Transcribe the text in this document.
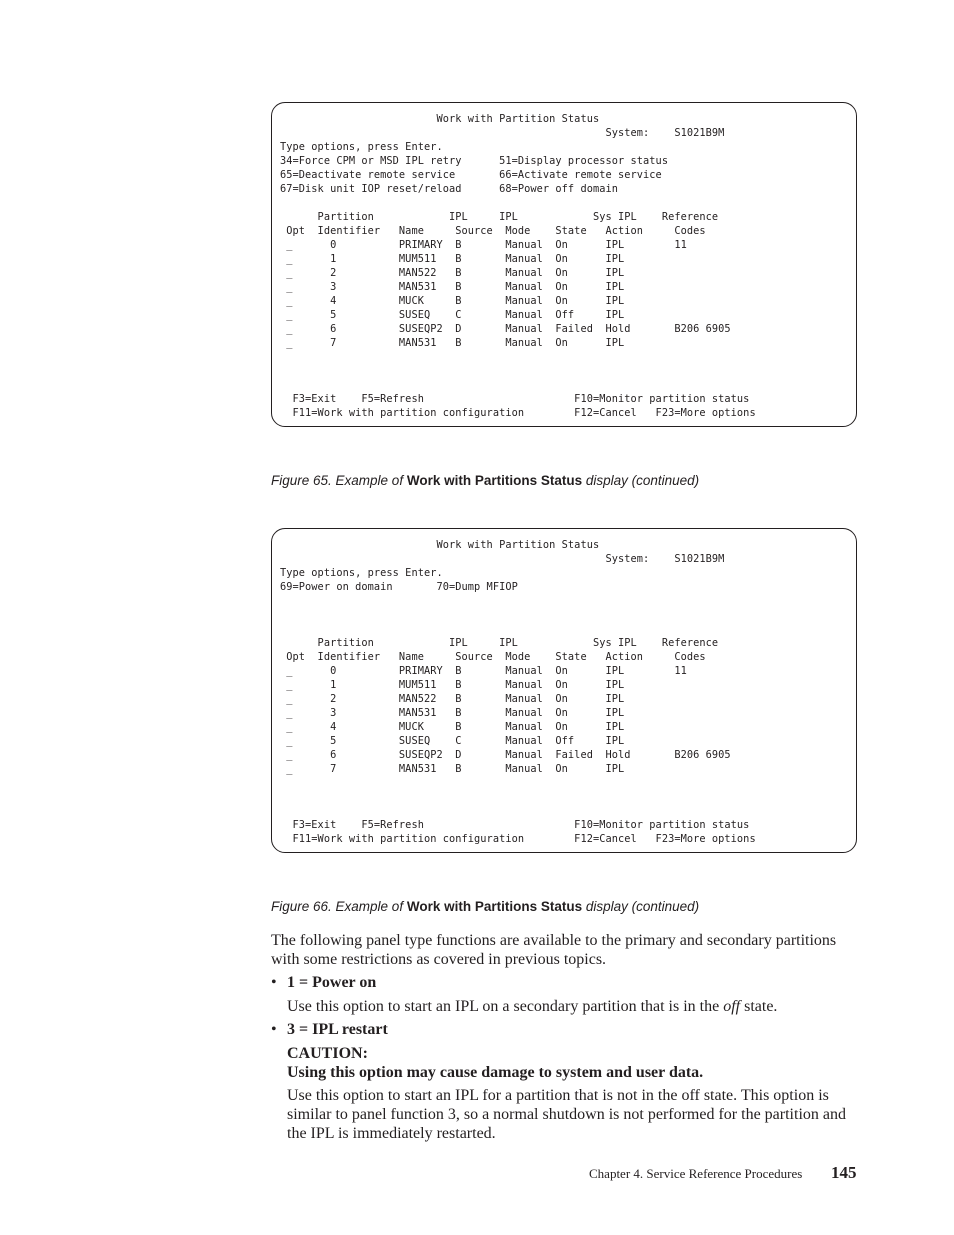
Work with Partition Status
System:    S1021B9M
Type options, press Enter.
34=Force CPM or MSD IPL retry      51=Display processor status
65=Deactivate remote service       66=Activate remote service
67=Disk unit IOP reset/reload      68=Power off domain

Partition            IPL     IPL            Sys IPL    Reference
Opt  Identifier   Name     Source  Mode    State   Action     Codes
_      0          PRIMARY  B       Manual  On      IPL        11
_      1          MUM511   B       Manual  On      IPL
_      2          MAN522   B       Manual  On      IPL
_      3          MAN531   B       Manual  On      IPL
_      4          MUCK     B       Manual  On      IPL
_      5          SUSEQ    C       Manual  Off     IPL
_      6          SUSEQP2  D       Manual  Failed  Hold       B206 6905
_      7          MAN531   B       Manual  On      IPL

F3=Exit    F5=Refresh                        F10=Monitor partition status
F11=Work with partition configuration        F12=Cancel   F23=More options
Figure 65. Example of Work with Partitions Status display (continued)
Work with Partition Status
System:    S1021B9M
Type options, press Enter.
69=Power on domain       70=Dump MFIOP

Partition            IPL     IPL            Sys IPL    Reference
Opt  Identifier   Name     Source  Mode    State   Action     Codes
_      0          PRIMARY  B       Manual  On      IPL        11
_      1          MUM511   B       Manual  On      IPL
_      2          MAN522   B       Manual  On      IPL
_      3          MAN531   B       Manual  On      IPL
_      4          MUCK     B       Manual  On      IPL
_      5          SUSEQ    C       Manual  Off     IPL
_      6          SUSEQP2  D       Manual  Failed  Hold       B206 6905
_      7          MAN531   B       Manual  On      IPL

F3=Exit    F5=Refresh                        F10=Monitor partition status
F11=Work with partition configuration        F12=Cancel   F23=More options
Figure 66. Example of Work with Partitions Status display (continued)

The following panel type functions are available to the primary and secondary partitions with some restrictions as covered in previous topics.

• 1 = Power on

Use this option to start an IPL on a secondary partition that is in the off state.

• 3 = IPL restart

CAUTION:

Using this option may cause damage to system and user data.

Use this option to start an IPL for a partition that is not in the off state. This option is similar to panel function 3, so a normal shutdown is not performed for the partition and the IPL is immediately restarted.

Chapter 4. Service Reference Procedures 145
